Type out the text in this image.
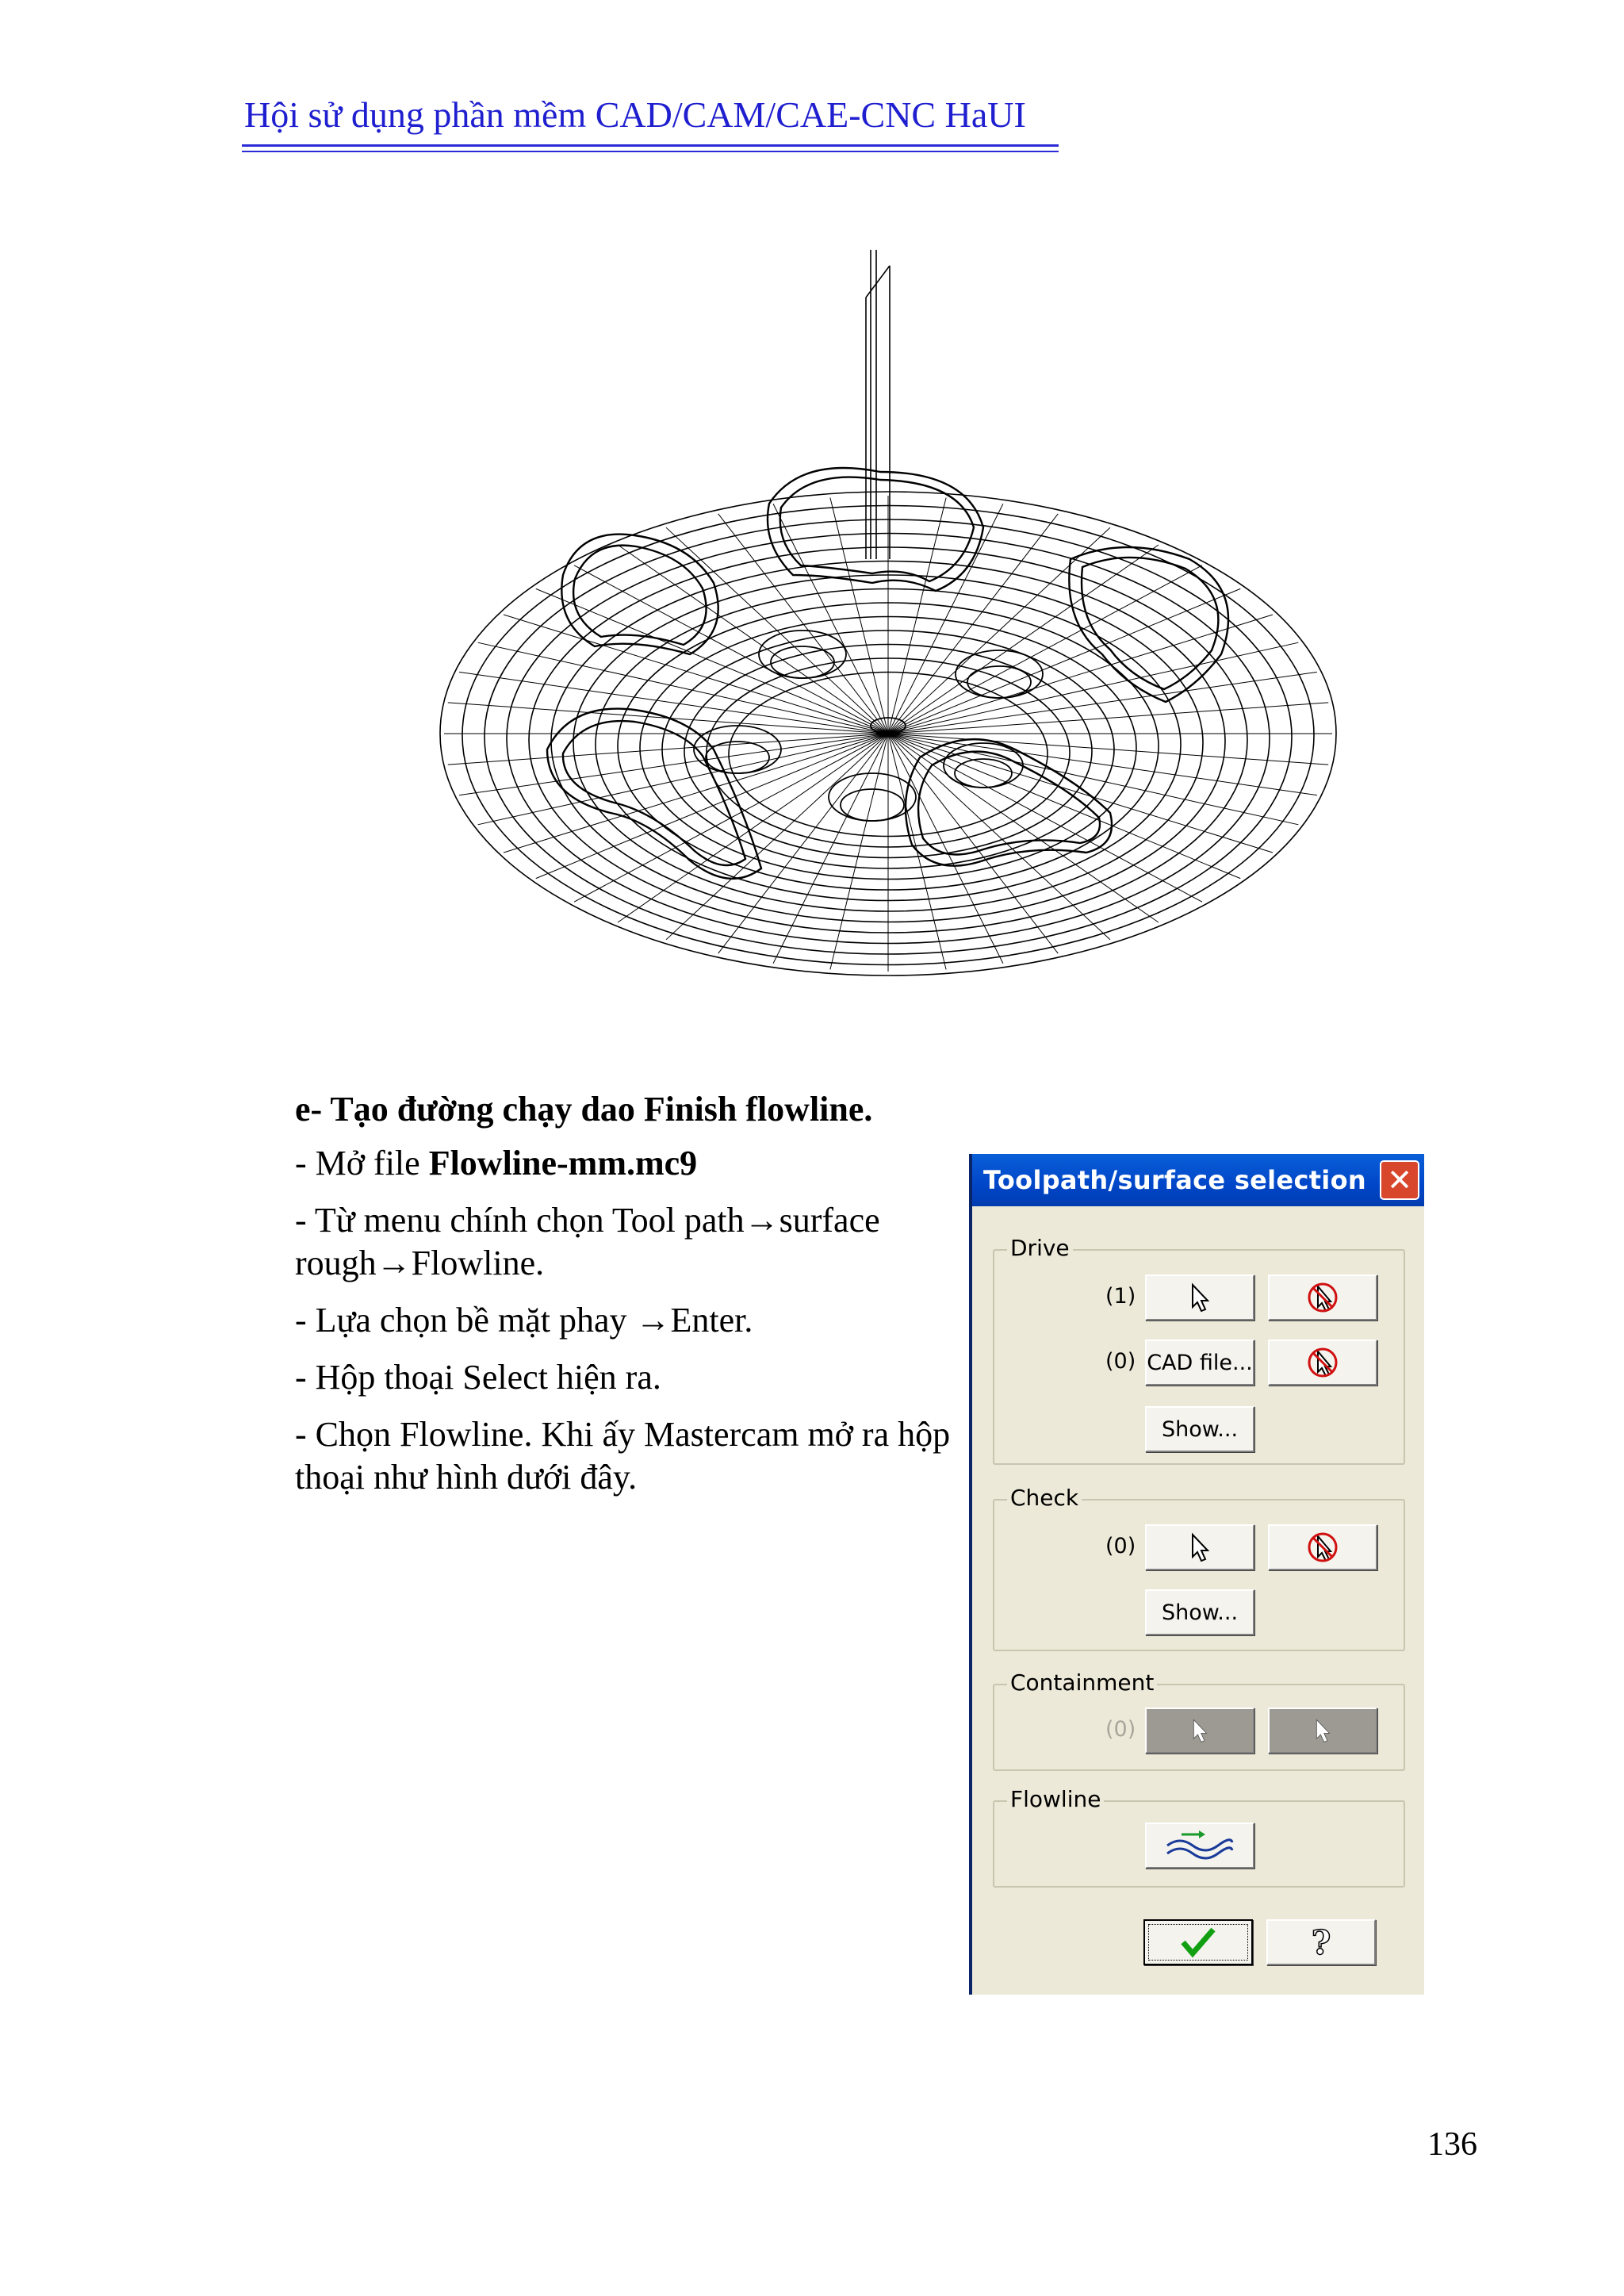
Hội sử dụng phần mềm CAD/CAM/CAE-CNC HaUI

e- Tạo đường chạy dao Finish flowline.

- Mở file Flowline-mm.mc9

- Từ menu chính chọn Tool path→surface rough→Flowline.

- Lựa chọn bề mặt phay →Enter.

- Hộp thoại Select hiện ra.

- Chọn Flowline. Khi ấy Mastercam mở ra hộp thoại như hình dưới đây.

Toolpath/surface selection ✕
Drive
(1)
(0) CAD file...
Show...
Check
(0)
Show...
Containment
(0)
Flowline
?
136
